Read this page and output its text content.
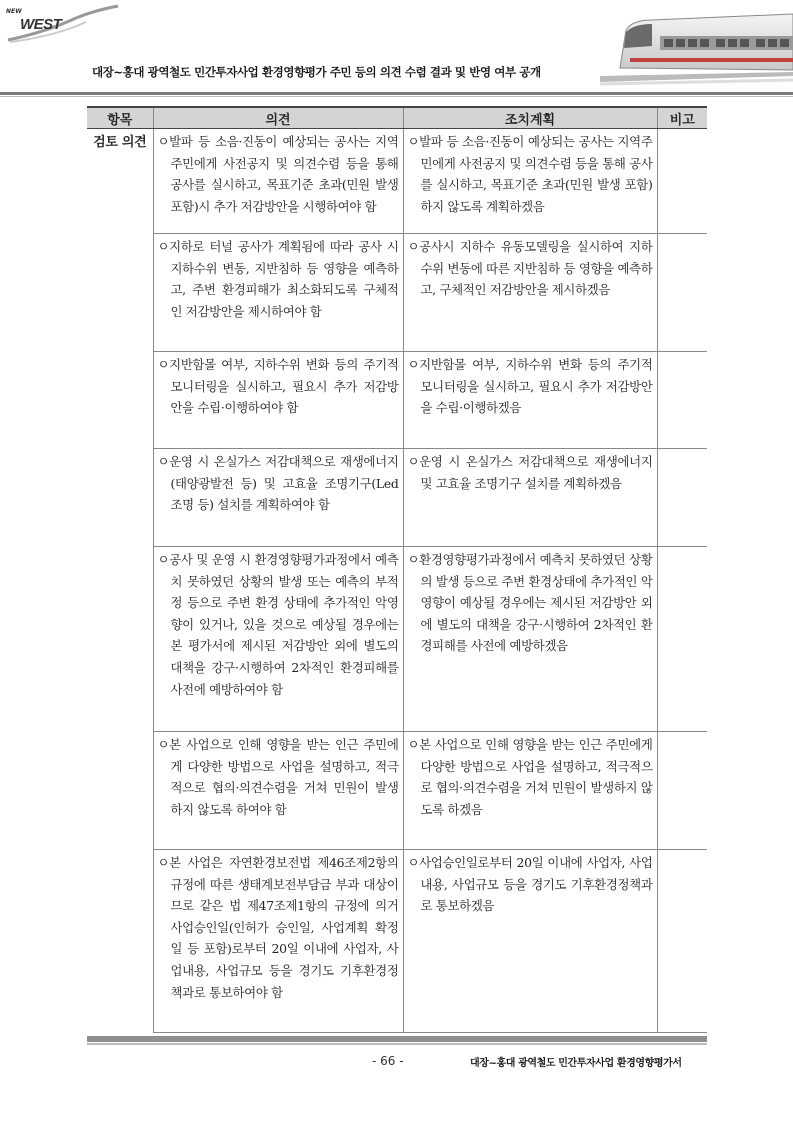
NEW
WEST
대장~홍대 광역철도 민간투자사업 환경영향평가 주민 등의 의견 수렴 결과 및 반영 여부 공개
항목	의견	조치계획	비고
검토 의견	ㅇ발파 등 소음·진동이 예상되는 공사는 지역주민에게 사전공지 및 의견수렴 등을 통해 공사를 실시하고, 목표기준 초과(민원 발생 포함)시 추가 저감방안을 시행하여야 함	ㅇ발파 등 소음·진동이 예상되는 공사는 지역주민에게 사전공지 및 의견수렴 등을 통해 공사를 실시하고, 목표기준 초과(민원 발생 포함)하지 않도록 계획하겠음	

	ㅇ지하로 터널 공사가 계획됨에 따라 공사 시 지하수위 변동, 지반침하 등 영향을 예측하고, 주변 환경피해가 최소화되도록 구체적인 저감방안을 제시하여야 함	ㅇ공사시 지하수 유동모델링을 실시하여 지하수위 변동에 따른 지반침하 등 영향을 예측하고, 구체적인 저감방안을 제시하겠음	

	ㅇ지반함몰 여부, 지하수위 변화 등의 주기적 모니터링을 실시하고, 필요시 추가 저감방안을 수립·이행하여야 함	ㅇ지반함몰 여부, 지하수위 변화 등의 주기적 모니터링을 실시하고, 필요시 추가 저감방안을 수립·이행하겠음	

	ㅇ운영 시 온실가스 저감대책으로 재생에너지(태양광발전 등) 및 고효율 조명기구(Led 조명 등) 설치를 계획하여야 함	ㅇ운영 시 온실가스 저감대책으로 재생에너지 및 고효율 조명기구 설치를 계획하겠음	

	ㅇ공사 및 운영 시 환경영향평가과정에서 예측치 못하였던 상황의 발생 또는 예측의 부적정 등으로 주변 환경 상태에 추가적인 악영향이 있거나, 있을 것으로 예상될 경우에는 본 평가서에 제시된 저감방안 외에 별도의 대책을 강구·시행하여 2차적인 환경피해를 사전에 예방하여야 함	ㅇ환경영향평가과정에서 예측치 못하였던 상황의 발생 등으로 주변 환경상태에 추가적인 악영향이 예상될 경우에는 제시된 저감방안 외에 별도의 대책을 강구·시행하여 2차적인 환경피해를 사전에 예방하겠음	

	ㅇ본 사업으로 인해 영향을 받는 인근 주민에게 다양한 방법으로 사업을 설명하고, 적극적으로 협의·의견수렴을 거쳐 민원이 발생하지 않도록 하여야 함	ㅇ본 사업으로 인해 영향을 받는 인근 주민에게 다양한 방법으로 사업을 설명하고, 적극적으로 협의·의견수렴을 거쳐 민원이 발생하지 않도록 하겠음	

	ㅇ본 사업은 자연환경보전법 제46조제2항의 규정에 따른 생태계보전부담금 부과 대상이므로 같은 법 제47조제1항의 규정에 의거 사업승인일(인허가 승인일, 사업계획 확정일 등 포함)로부터 20일 이내에 사업자, 사업내용, 사업규모 등을 경기도 기후환경정책과로 통보하여야 함	ㅇ사업승인일로부터 20일 이내에 사업자, 사업내용, 사업규모 등을 경기도 기후환경정책과로 통보하겠음	

- 66 -	대장~홍대 광역철도 민간투자사업 환경영향평가서
